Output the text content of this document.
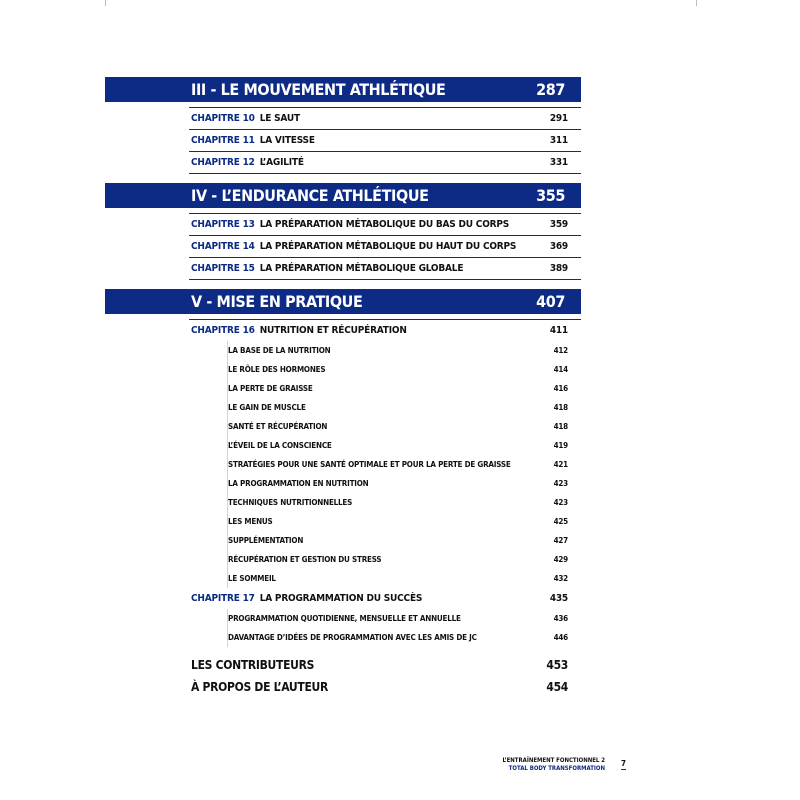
III - LE MOUVEMENT ATHLÉTIQUE	287
CHAPITRE 10 LE SAUT	291
CHAPITRE 11 LA VITESSE	311
CHAPITRE 12 L’AGILITÉ	331
IV - L’ENDURANCE ATHLÉTIQUE	355
CHAPITRE 13 LA PRÉPARATION MÉTABOLIQUE DU BAS DU CORPS	359
CHAPITRE 14 LA PRÉPARATION MÉTABOLIQUE DU HAUT DU CORPS	369
CHAPITRE 15 LA PRÉPARATION MÉTABOLIQUE GLOBALE	389
V - MISE EN PRATIQUE	407
CHAPITRE 16 NUTRITION ET RÉCUPÉRATION	411
LA BASE DE LA NUTRITION	412
LE RÔLE DES HORMONES	414
LA PERTE DE GRAISSE	416
LE GAIN DE MUSCLE	418
SANTÉ ET RÉCUPÉRATION	418
L’ÉVEIL DE LA CONSCIENCE	419
STRATÉGIES POUR UNE SANTÉ OPTIMALE ET POUR LA PERTE DE GRAISSE	421
LA PROGRAMMATION EN NUTRITION	423
TECHNIQUES NUTRITIONNELLES	423
LES MENUS	425
SUPPLÉMENTATION	427
RÉCUPÉRATION ET GESTION DU STRESS	429
LE SOMMEIL	432
CHAPITRE 17 LA PROGRAMMATION DU SUCCÈS	435
PROGRAMMATION QUOTIDIENNE, MENSUELLE ET ANNUELLE	436
DAVANTAGE D’IDÉES DE PROGRAMMATION AVEC LES AMIS DE JC	446
LES CONTRIBUTEURS	453
À PROPOS DE L’AUTEUR	454
L’ENTRAÎNEMENT FONCTIONNEL 2
TOTAL BODY TRANSFORMATION
7
